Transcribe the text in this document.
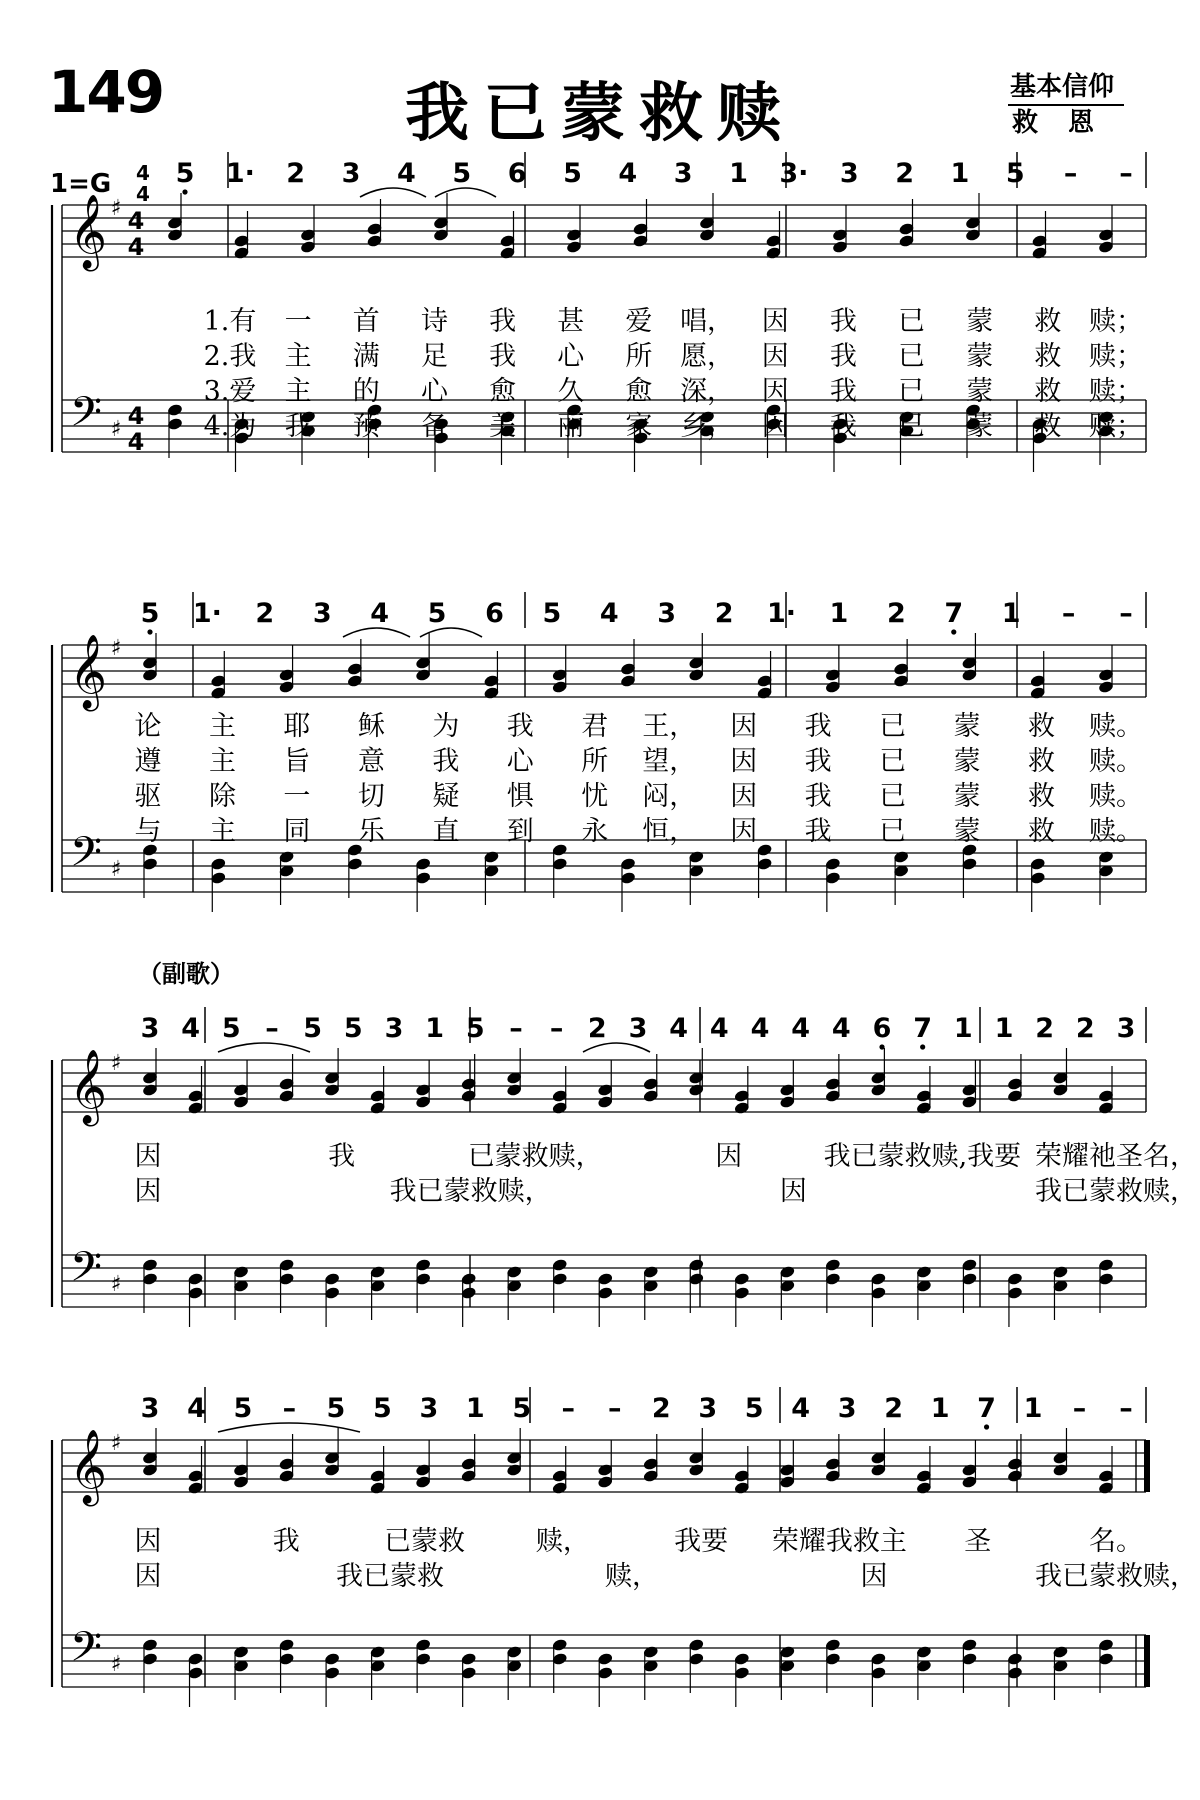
149	我已蒙救赎	基本信仰
救恩
（副歌）
1=G 4
4
5 1· 2 3 4 5 6 5 4 3 1 3· 3 2 1 5 – –
𝄞
𝄢
♯
♯
4
4
4
4
1.有 一 首 诗 我 甚 爱 唱， 因 我 已 蒙 救 赎；
2.我 主 满 足 我 心 所 愿， 因 我 已 蒙 救 赎；
3.爱 主 的 心 愈 久 愈 深， 因 我 已 蒙 救 赎；
4.为 我 预 备 美 丽 家 乡， 因 我 已 蒙 救 赎；
5 1· 2 3 4 5 6 5 4 3 2 1· 1 2 7 1 – –
𝄞
𝄢
♯
♯
论 主 耶 稣 为 我 君 王， 因 我 已 蒙 救 赎。
遵 主 旨 意 我 心 所 望， 因 我 已 蒙 救 赎。
驱 除 一 切 疑 惧 忧 闷， 因 我 已 蒙 救 赎。
与 主 同 乐 直 到 永 恒， 因 我 已 蒙 救 赎。
3 4 5 – 5 5 3 1 5 – – 2 3 4 4 4 4 4 6 7 1 1 2 2 3
𝄞
𝄢
♯
♯
因	我	已蒙救赎，	因	我已蒙救赎,我要 荣耀祂圣名，
因	我已蒙救赎，	因	我已蒙救赎，
3 4 5 – 5 5 3 1 5 – – 2 3 5 4 3 2 1 7 1 – –
𝄞
𝄢
♯
♯
因	我	已蒙救	赎，	我要 荣耀我救主 圣	名。
因	我已蒙救	赎，	因	我已蒙救赎，
